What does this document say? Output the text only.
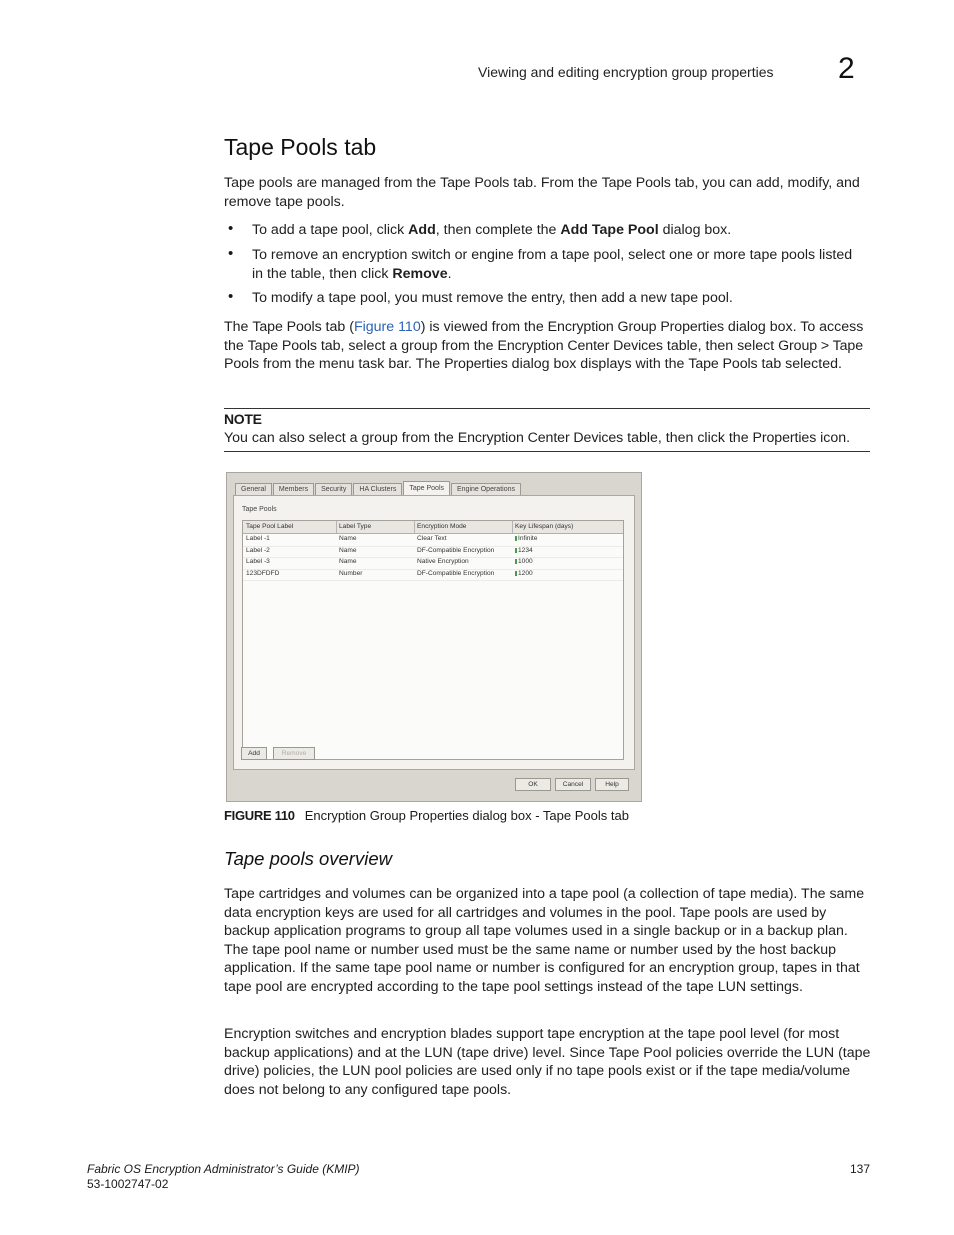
Viewing and editing encryption group properties 2
Tape Pools tab
Tape pools are managed from the Tape Pools tab. From the Tape Pools tab, you can add, modify, and remove tape pools.
• To add a tape pool, click Add, then complete the Add Tape Pool dialog box.
• To remove an encryption switch or engine from a tape pool, select one or more tape pools listed in the table, then click Remove.
• To modify a tape pool, you must remove the entry, then add a new tape pool.
The Tape Pools tab (Figure 110) is viewed from the Encryption Group Properties dialog box. To access the Tape Pools tab, select a group from the Encryption Center Devices table, then select Group > Tape Pools from the menu task bar. The Properties dialog box displays with the Tape Pools tab selected.
NOTE
You can also select a group from the Encryption Center Devices table, then click the Properties icon.
General	Members	Security	HA Clusters	Tape Pools	Engine Operations
Tape Pools
Tape Pool Label	Label Type	Encryption Mode	Key Lifespan (days)
Label -1	Name	Clear Text	Infinite
Label -2	Name	DF-Compatible Encryption	1234
Label -3	Name	Native Encryption	1000
123DFDFD	Number	DF-Compatible Encryption	1200
Add	Remove
OK	Cancel	Help
FIGURE 110 Encryption Group Properties dialog box - Tape Pools tab
Tape pools overview
Tape cartridges and volumes can be organized into a tape pool (a collection of tape media). The same data encryption keys are used for all cartridges and volumes in the pool. Tape pools are used by backup application programs to group all tape volumes used in a single backup or in a backup plan. The tape pool name or number used must be the same name or number used by the host backup application. If the same tape pool name or number is configured for an encryption group, tapes in that tape pool are encrypted according to the tape pool settings instead of the tape LUN settings.
Encryption switches and encryption blades support tape encryption at the tape pool level (for most backup applications) and at the LUN (tape drive) level. Since Tape Pool policies override the LUN (tape drive) policies, the LUN pool policies are used only if no tape pools exist or if the tape media/volume does not belong to any configured tape pools.
Fabric OS Encryption Administrator’s Guide (KMIP)
53-1002747-02
137
